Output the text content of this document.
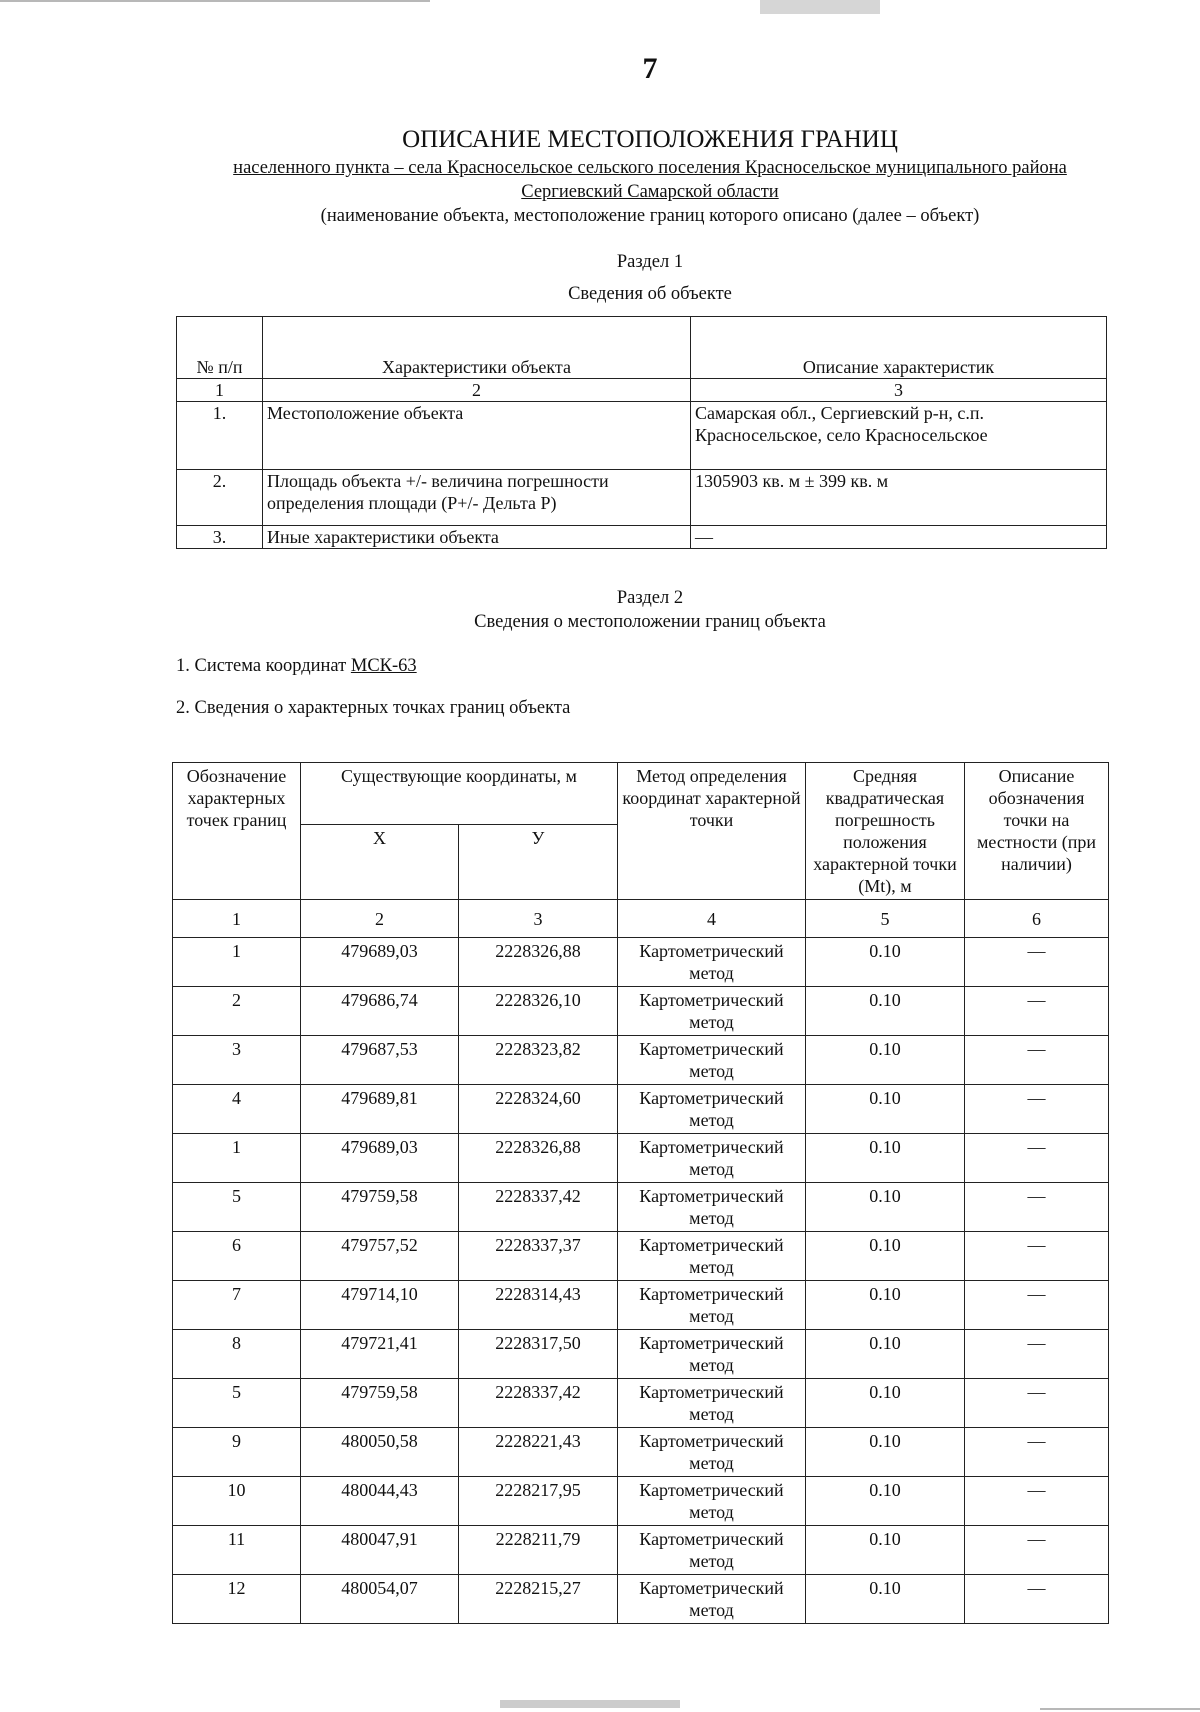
7
ОПИСАНИЕ МЕСТОПОЛОЖЕНИЯ ГРАНИЦ
населенного пункта – села Красносельское сельского поселения Красносельское муниципального района
Сергиевский Самарской области
(наименование объекта, местоположение границ которого описано (далее – объект)
Раздел 1
Сведения об объекте
№ п/п	Характеристики объекта	Описание характеристик
1	2	3
1.	Местоположение объекта	Самарская обл., Сергиевский р-н, с.п. Красносельское, село Красносельское
2.	Площадь объекта +/- величина погрешности определения площади (Р+/- Дельта Р)	1305903 кв. м ± 399 кв. м
3.	Иные характеристики объекта	—
Раздел 2
Сведения о местоположении границ объекта
1. Система координат МСК-63
2. Сведения о характерных точках границ объекта
Обозначение характерных точек границ	Существующие координаты, м		Метод определения координат характерной точки	Средняя квадратическая погрешность положения характерной точки (Mt), м	Описание обозначения точки на местности (при наличии)
	X	У			
1	2	3	4	5	6
1	479689,03	2228326,88	Картометрический метод	0.10	—
2	479686,74	2228326,10	Картометрический метод	0.10	—
3	479687,53	2228323,82	Картометрический метод	0.10	—
4	479689,81	2228324,60	Картометрический метод	0.10	—
1	479689,03	2228326,88	Картометрический метод	0.10	—
5	479759,58	2228337,42	Картометрический метод	0.10	—
6	479757,52	2228337,37	Картометрический метод	0.10	—
7	479714,10	2228314,43	Картометрический метод	0.10	—
8	479721,41	2228317,50	Картометрический метод	0.10	—
5	479759,58	2228337,42	Картометрический метод	0.10	—
9	480050,58	2228221,43	Картометрический метод	0.10	—
10	480044,43	2228217,95	Картометрический метод	0.10	—
11	480047,91	2228211,79	Картометрический метод	0.10	—
12	480054,07	2228215,27	Картометрический метод	0.10	—
